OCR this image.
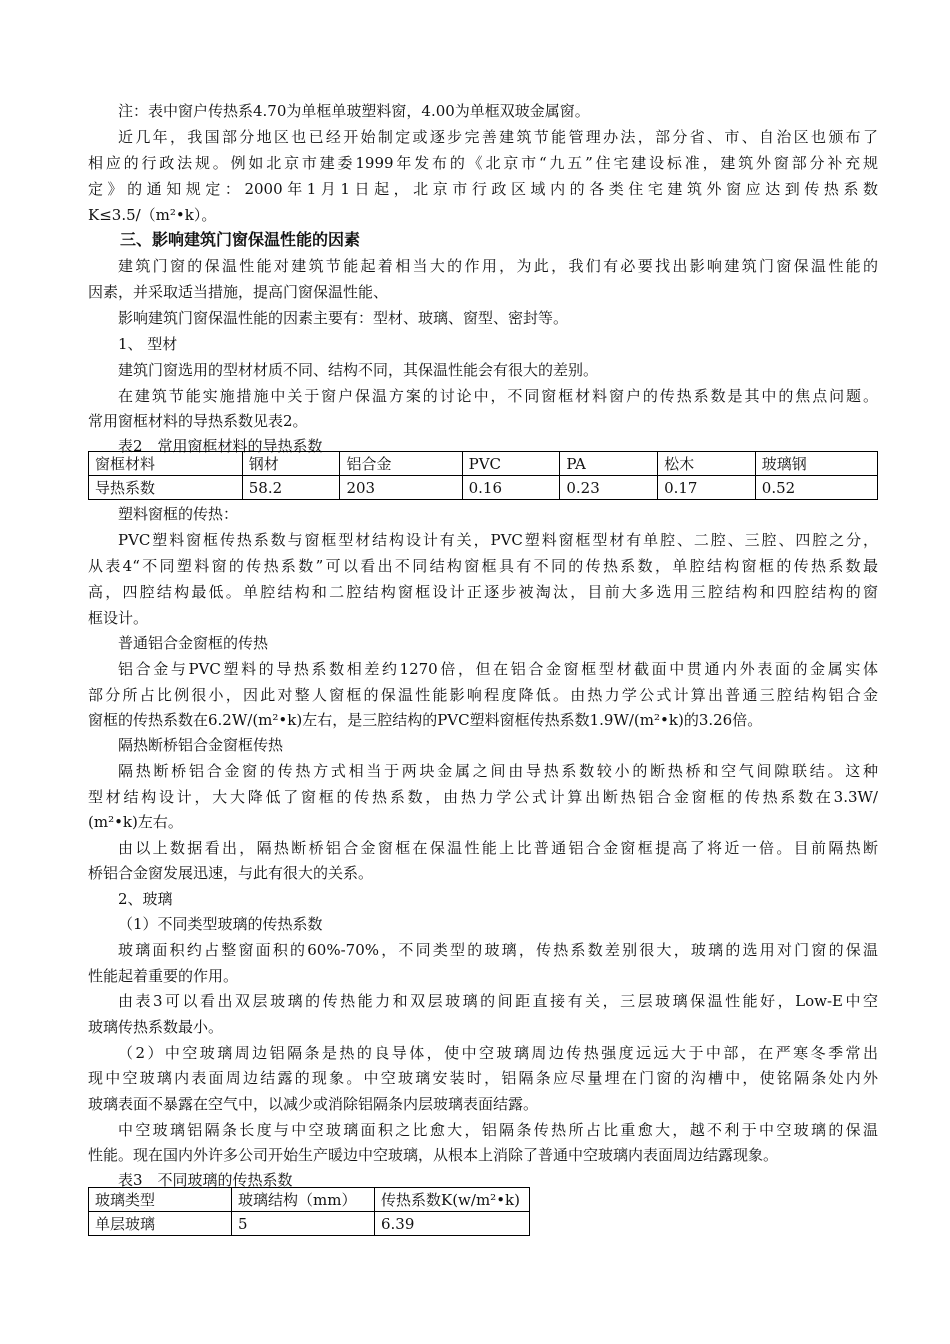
注：表中窗户传热系4.70为单框单玻塑料窗，4.00为单框双玻金属窗。
近几年，我国部分地区也已经开始制定或逐步完善建筑节能管理办法，部分省、市、自治区也颁布了
相应的行政法规。例如北京市建委1999年发布的《北京市“九五”住宅建设标准，建筑外窗部分补充规
定》的通知规定：2000年1月1日起，北京市行政区域内的各类住宅建筑外窗应达到传热系数
K≤3.5/（m²•k）。
三、影响建筑门窗保温性能的因素
建筑门窗的保温性能对建筑节能起着相当大的作用，为此，我们有必要找出影响建筑门窗保温性能的
因素，并采取适当措施，提高门窗保温性能、
影响建筑门窗保温性能的因素主要有：型材、玻璃、窗型、密封等。
1、 型材
建筑门窗选用的型材材质不同、结构不同，其保温性能会有很大的差别。
在建筑节能实施措施中关于窗户保温方案的讨论中，不同窗框材料窗户的传热系数是其中的焦点问题。
常用窗框材料的导热系数见表2。
表2　常用窗框材料的导热系数
窗框材料	钢材	铝合金	PVC	PA	松木	玻璃钢
导热系数	58.2	203	0.16	0.23	0.17	0.52
塑料窗框的传热：
PVC塑料窗框传热系数与窗框型材结构设计有关，PVC塑料窗框型材有单腔、二腔、三腔、四腔之分，
从表4“不同塑料窗的传热系数”可以看出不同结构窗框具有不同的传热系数，单腔结构窗框的传热系数最
高，四腔结构最低。单腔结构和二腔结构窗框设计正逐步被淘汰，目前大多选用三腔结构和四腔结构的窗
框设计。
普通铝合金窗框的传热
铝合金与PVC塑料的导热系数相差约1270倍，但在铝合金窗框型材截面中贯通内外表面的金属实体
部分所占比例很小，因此对整人窗框的保温性能影响程度降低。由热力学公式计算出普通三腔结构铝合金
窗框的传热系数在6.2W/(m²•k)左右，是三腔结构的PVC塑料窗框传热系数1.9W/(m²•k)的3.26倍。
隔热断桥铝合金窗框传热
隔热断桥铝合金窗的传热方式相当于两块金属之间由导热系数较小的断热桥和空气间隙联结。这种
型材结构设计，大大降低了窗框的传热系数，由热力学公式计算出断热铝合金窗框的传热系数在3.3W/
(m²•k)左右。
由以上数据看出，隔热断桥铝合金窗框在保温性能上比普通铝合金窗框提高了将近一倍。目前隔热断
桥铝合金窗发展迅速，与此有很大的关系。
2、玻璃
（1）不同类型玻璃的传热系数
玻璃面积约占整窗面积的60%-70%，不同类型的玻璃，传热系数差别很大，玻璃的选用对门窗的保温
性能起着重要的作用。
由表3可以看出双层玻璃的传热能力和双层玻璃的间距直接有关，三层玻璃保温性能好，Low-E中空
玻璃传热系数最小。
（2）中空玻璃周边铝隔条是热的良导体，使中空玻璃周边传热强度远远大于中部，在严寒冬季常出
现中空玻璃内表面周边结露的现象。中空玻璃安装时，铝隔条应尽量埋在门窗的沟槽中，使铭隔条处内外
玻璃表面不暴露在空气中，以减少或消除铝隔条内层玻璃表面结露。
中空玻璃铝隔条长度与中空玻璃面积之比愈大，铝隔条传热所占比重愈大，越不利于中空玻璃的保温
性能。现在国内外许多公司开始生产暖边中空玻璃，从根本上消除了普通中空玻璃内表面周边结露现象。
表3　不同玻璃的传热系数
玻璃类型	玻璃结构（mm）	传热系数K(w/m²•k)
单层玻璃	5	6.39
